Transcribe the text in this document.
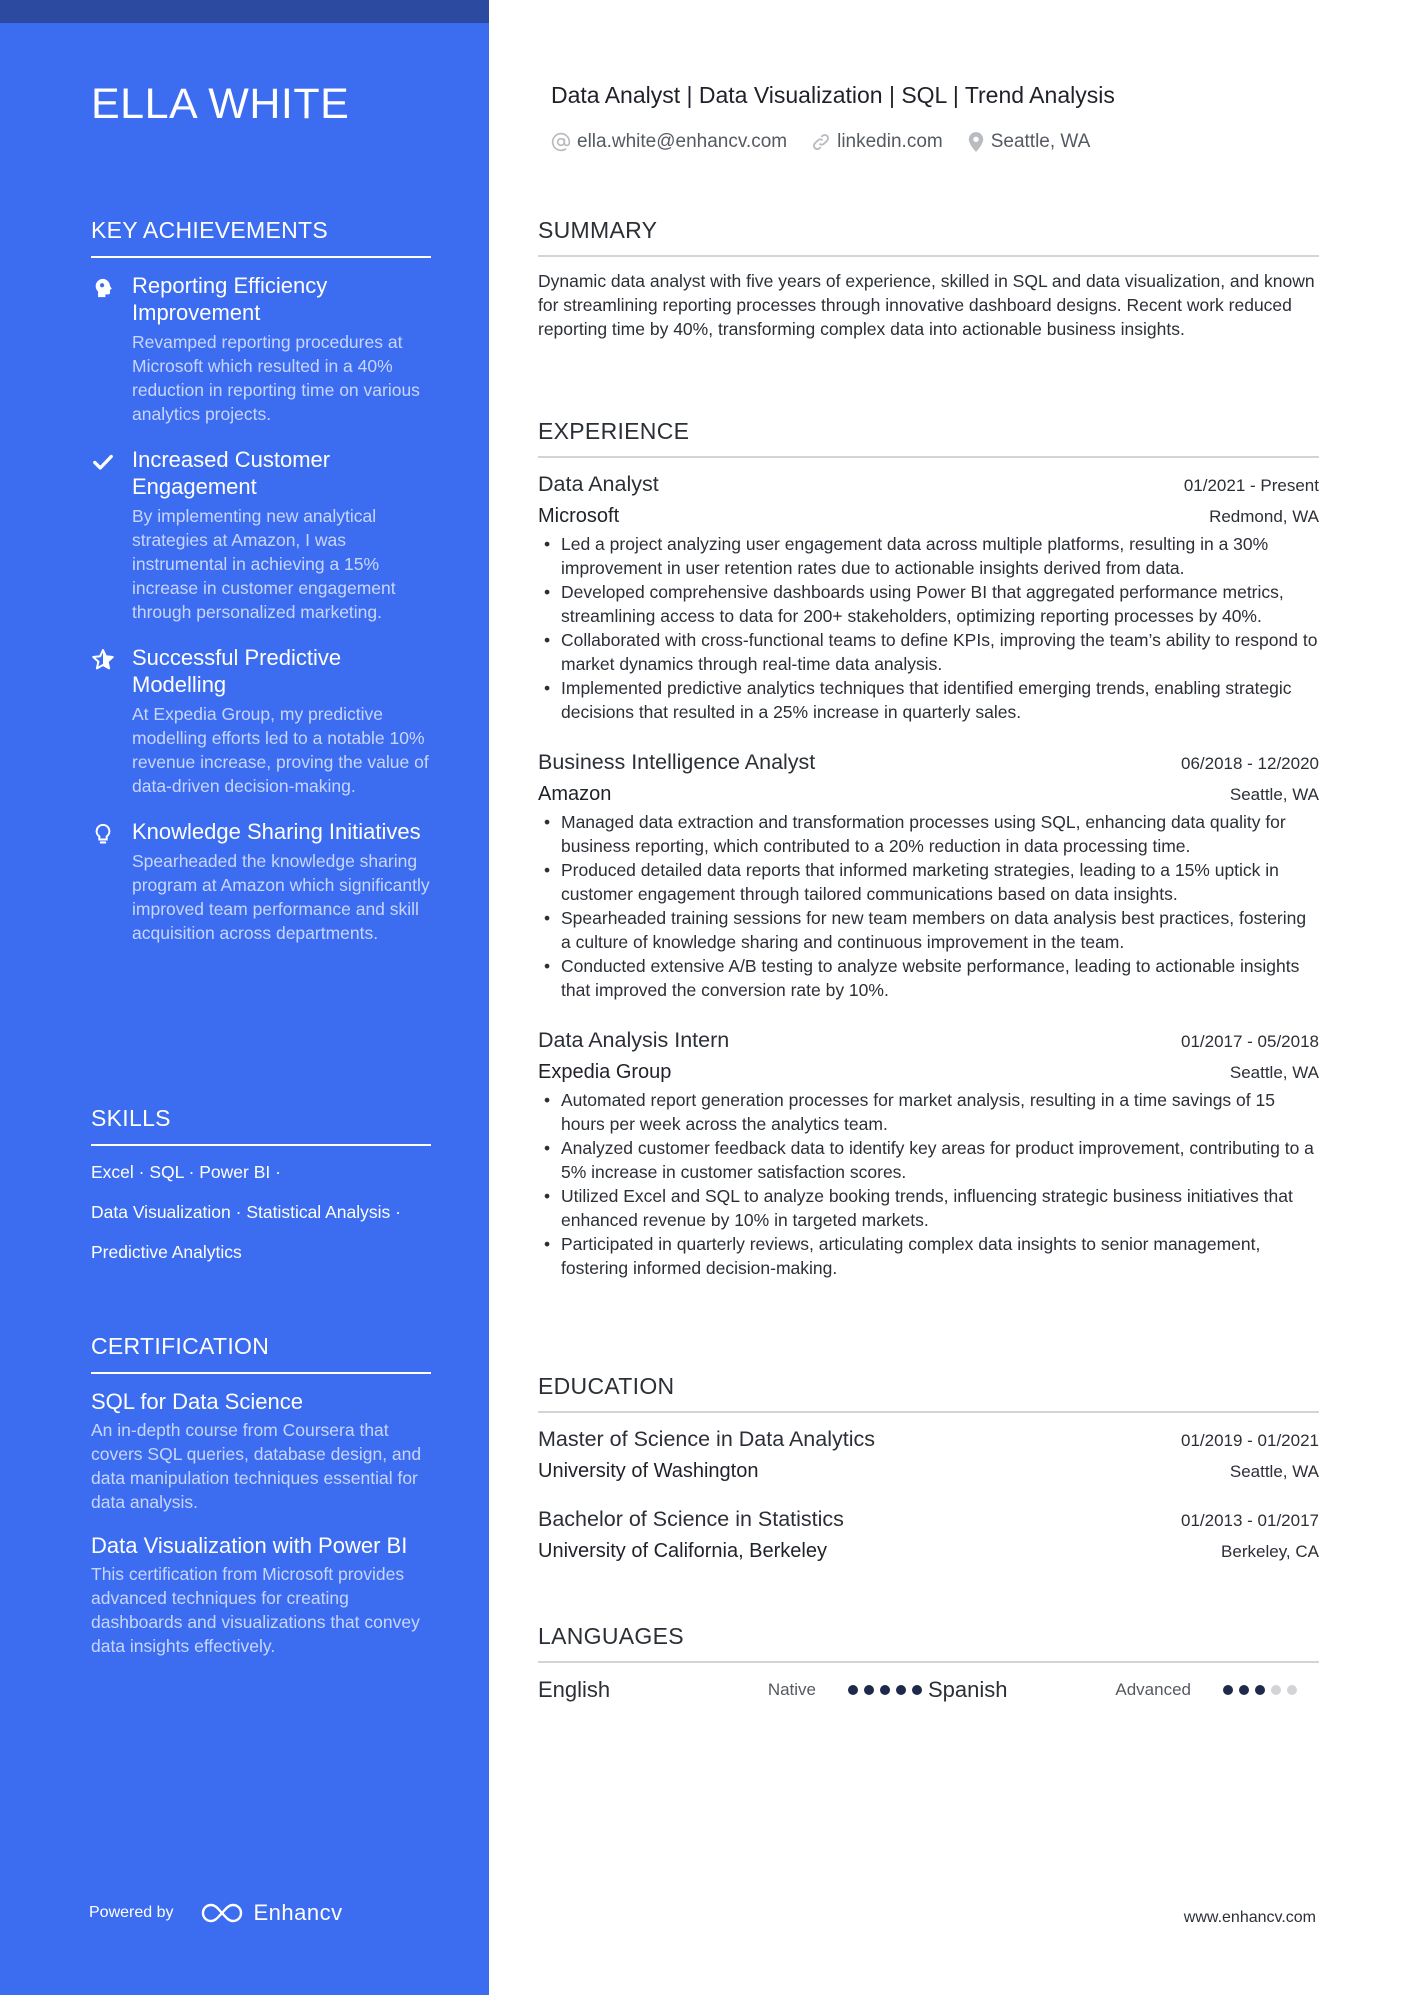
ELLA WHITE
KEY ACHIEVEMENTS
Reporting Efficiency Improvement
Revamped reporting procedures at Microsoft which resulted in a 40% reduction in reporting time on various analytics projects.
Increased Customer Engagement
By implementing new analytical strategies at Amazon, I was instrumental in achieving a 15% increase in customer engagement through personalized marketing.
Successful Predictive Modelling
At Expedia Group, my predictive modelling efforts led to a notable 10% revenue increase, proving the value of data-driven decision-making.
Knowledge Sharing Initiatives
Spearheaded the knowledge sharing program at Amazon which significantly improved team performance and skill acquisition across departments.
SKILLS
Excel · SQL · Power BI ·
Data Visualization · Statistical Analysis ·
Predictive Analytics
CERTIFICATION
SQL for Data Science
An in-depth course from Coursera that covers SQL queries, database design, and data manipulation techniques essential for data analysis.
Data Visualization with Power BI
This certification from Microsoft provides advanced techniques for creating dashboards and visualizations that convey data insights effectively.
Powered by	Enhancv
Data Analyst | Data Visualization | SQL | Trend Analysis
ella.white@enhancv.com	linkedin.com	Seattle, WA
SUMMARY
Dynamic data analyst with five years of experience, skilled in SQL and data visualization, and known for streamlining reporting processes through innovative dashboard designs. Recent work reduced reporting time by 40%, transforming complex data into actionable business insights.
EXPERIENCE
Data Analyst	01/2021 - Present
Microsoft	Redmond, WA
• Led a project analyzing user engagement data across multiple platforms, resulting in a 30% improvement in user retention rates due to actionable insights derived from data.
• Developed comprehensive dashboards using Power BI that aggregated performance metrics, streamlining access to data for 200+ stakeholders, optimizing reporting processes by 40%.
• Collaborated with cross-functional teams to define KPIs, improving the team’s ability to respond to market dynamics through real-time data analysis.
• Implemented predictive analytics techniques that identified emerging trends, enabling strategic decisions that resulted in a 25% increase in quarterly sales.
Business Intelligence Analyst	06/2018 - 12/2020
Amazon	Seattle, WA
• Managed data extraction and transformation processes using SQL, enhancing data quality for business reporting, which contributed to a 20% reduction in data processing time.
• Produced detailed data reports that informed marketing strategies, leading to a 15% uptick in customer engagement through tailored communications based on data insights.
• Spearheaded training sessions for new team members on data analysis best practices, fostering a culture of knowledge sharing and continuous improvement in the team.
• Conducted extensive A/B testing to analyze website performance, leading to actionable insights that improved the conversion rate by 10%.
Data Analysis Intern	01/2017 - 05/2018
Expedia Group	Seattle, WA
• Automated report generation processes for market analysis, resulting in a time savings of 15 hours per week across the analytics team.
• Analyzed customer feedback data to identify key areas for product improvement, contributing to a 5% increase in customer satisfaction scores.
• Utilized Excel and SQL to analyze booking trends, influencing strategic business initiatives that enhanced revenue by 10% in targeted markets.
• Participated in quarterly reviews, articulating complex data insights to senior management, fostering informed decision-making.
EDUCATION
Master of Science in Data Analytics	01/2019 - 01/2021
University of Washington	Seattle, WA
Bachelor of Science in Statistics	01/2013 - 01/2017
University of California, Berkeley	Berkeley, CA
LANGUAGES
English	Native	Spanish	Advanced
www.enhancv.com
